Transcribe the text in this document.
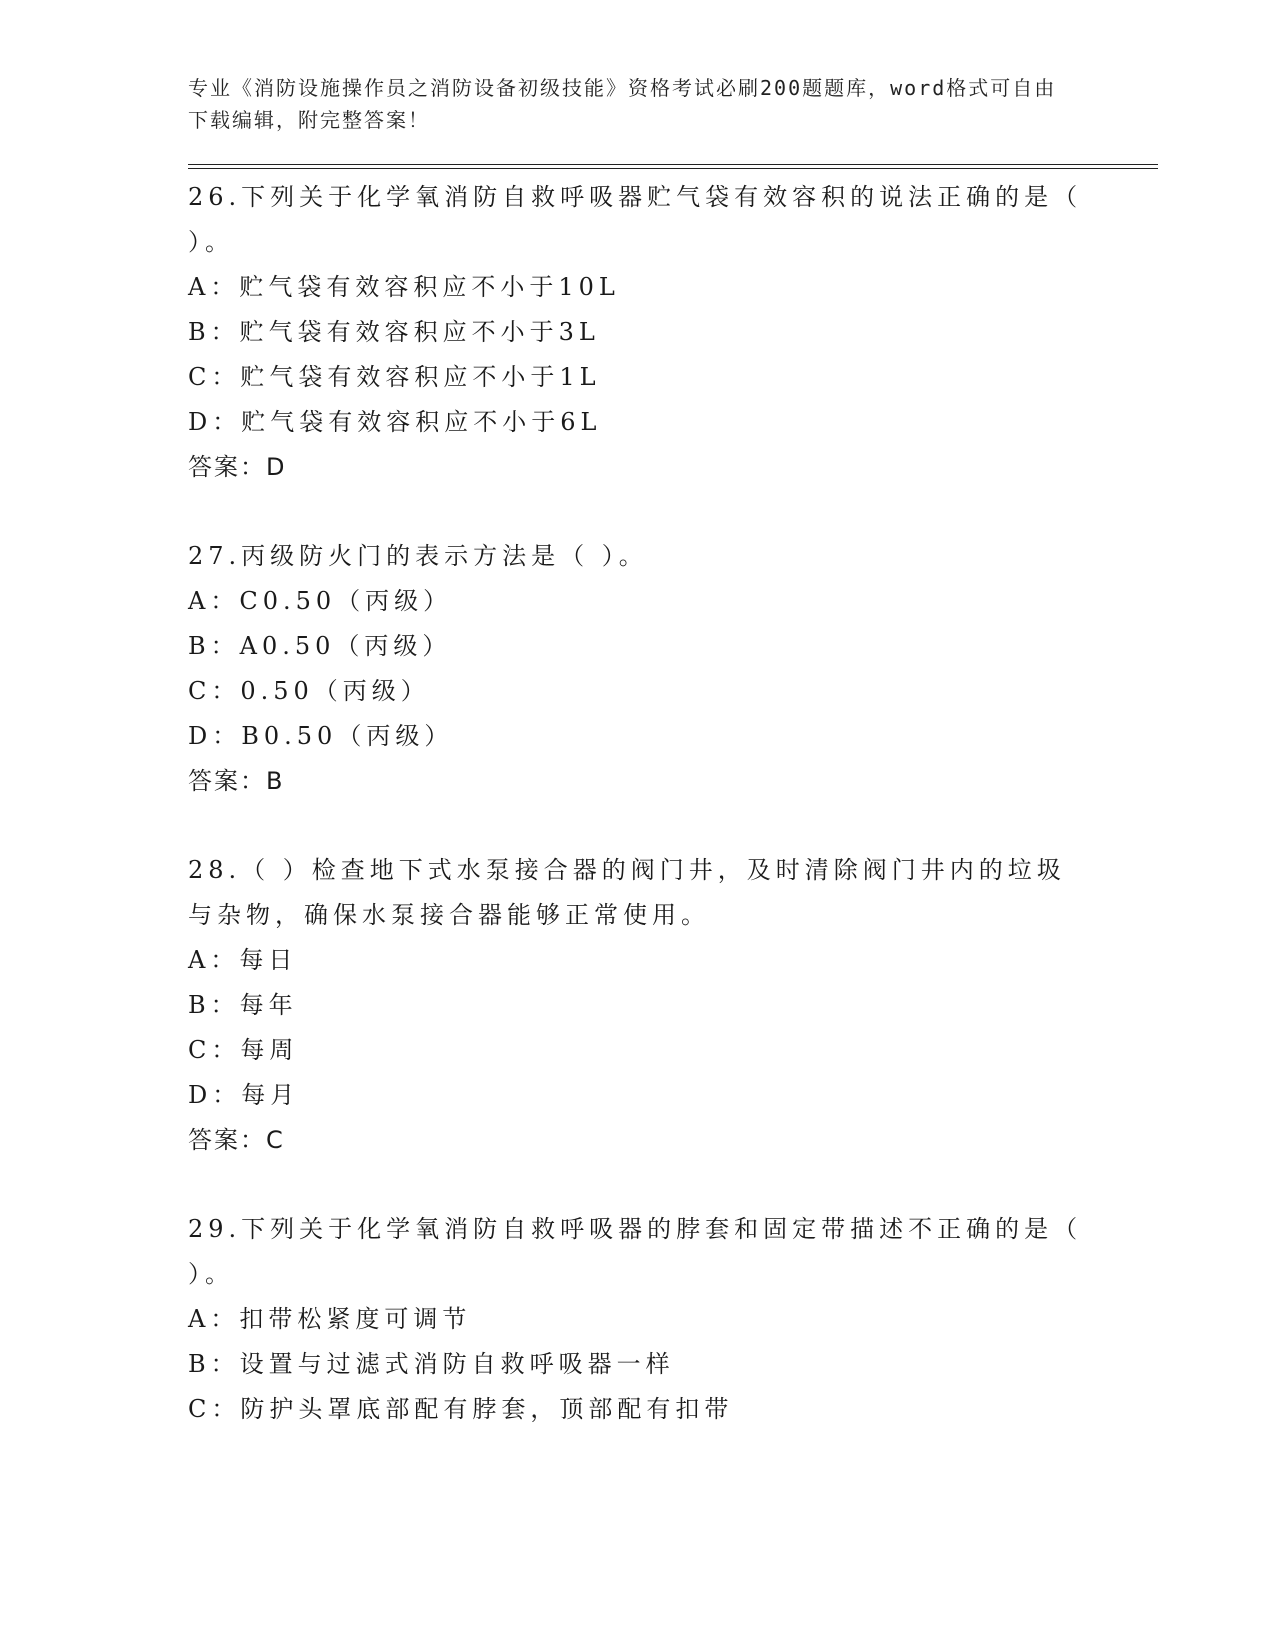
专业《消防设施操作员之消防设备初级技能》资格考试必刷200题题库，word格式可自由下载编辑，附完整答案！
26.下列关于化学氧消防自救呼吸器贮气袋有效容积的说法正确的是（ ）。
A：贮气袋有效容积应不小于10L
B：贮气袋有效容积应不小于3L
C：贮气袋有效容积应不小于1L
D：贮气袋有效容积应不小于6L
答案：D
27.丙级防火门的表示方法是（ ）。
A：C0.50（丙级）
B：A0.50（丙级）
C：0.50（丙级）
D：B0.50（丙级）
答案：B
28.（ ）检查地下式水泵接合器的阀门井，及时清除阀门井内的垃圾与杂物，确保水泵接合器能够正常使用。
A：每日
B：每年
C：每周
D：每月
答案：C
29.下列关于化学氧消防自救呼吸器的脖套和固定带描述不正确的是（ ）。
A：扣带松紧度可调节
B：设置与过滤式消防自救呼吸器一样
C：防护头罩底部配有脖套，顶部配有扣带
